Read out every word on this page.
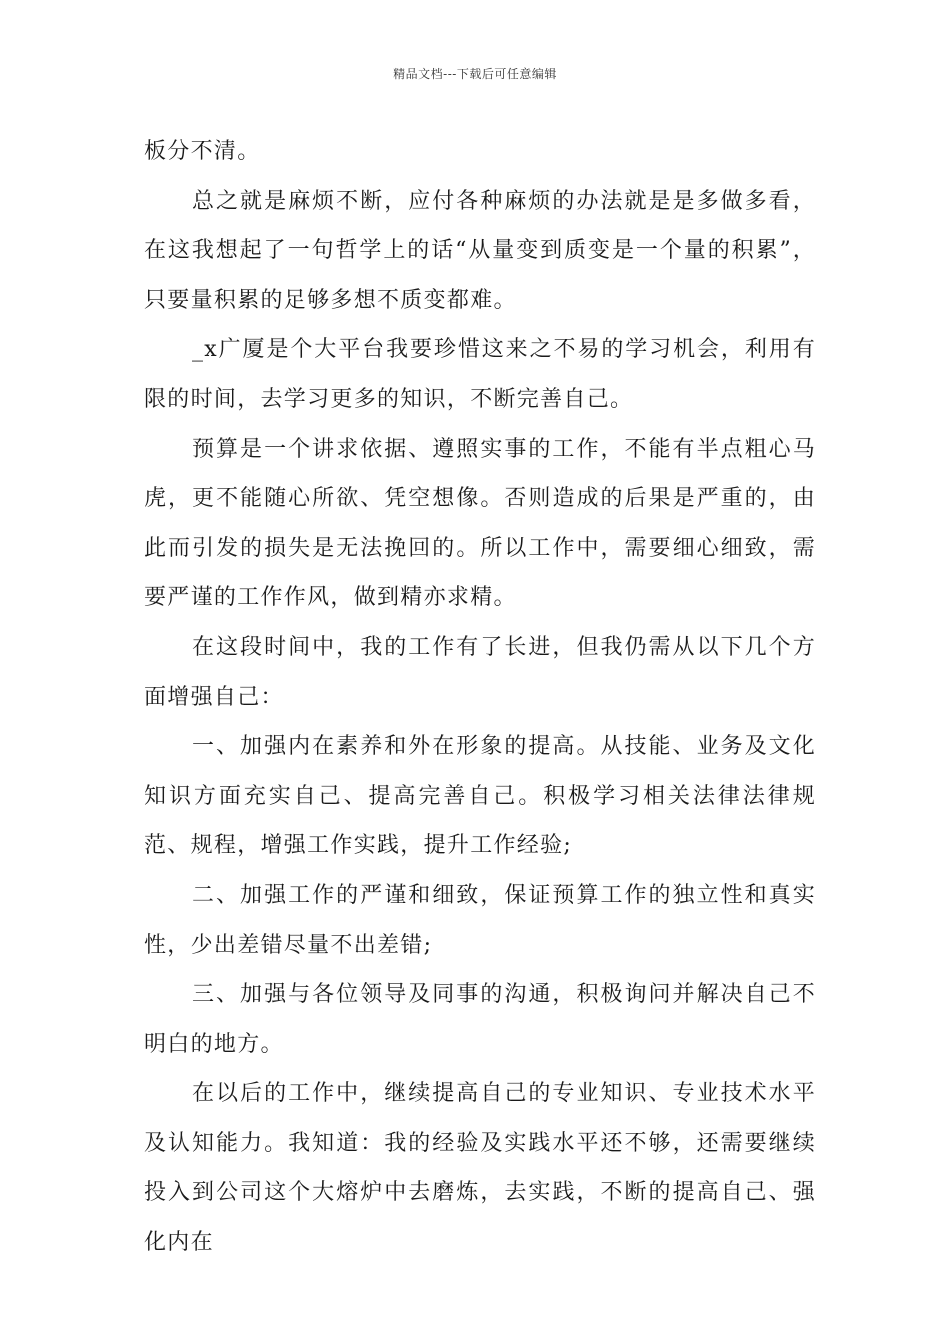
精品文档---下载后可任意编辑

板分不清。

总之就是麻烦不断，应付各种麻烦的办法就是是多做多看，在这我想起了一句哲学上的话“从量变到质变是一个量的积累”，只要量积累的足够多想不质变都难。

_x广厦是个大平台我要珍惜这来之不易的学习机会，利用有限的时间，去学习更多的知识，不断完善自己。

预算是一个讲求依据、遵照实事的工作，不能有半点粗心马虎，更不能随心所欲、凭空想像。否则造成的后果是严重的，由此而引发的损失是无法挽回的。所以工作中，需要细心细致，需要严谨的工作作风，做到精亦求精。

在这段时间中，我的工作有了长进，但我仍需从以下几个方面增强自己：

一、加强内在素养和外在形象的提高。从技能、业务及文化知识方面充实自己、提高完善自己。积极学习相关法律法律规范、规程，增强工作实践，提升工作经验;

二、加强工作的严谨和细致，保证预算工作的独立性和真实性，少出差错尽量不出差错;

三、加强与各位领导及同事的沟通，积极询问并解决自己不明白的地方。

在以后的工作中，继续提高自己的专业知识、专业技术水平及认知能力。我知道：我的经验及实践水平还不够，还需要继续投入到公司这个大熔炉中去磨炼，去实践，不断的提高自己、强化内在
